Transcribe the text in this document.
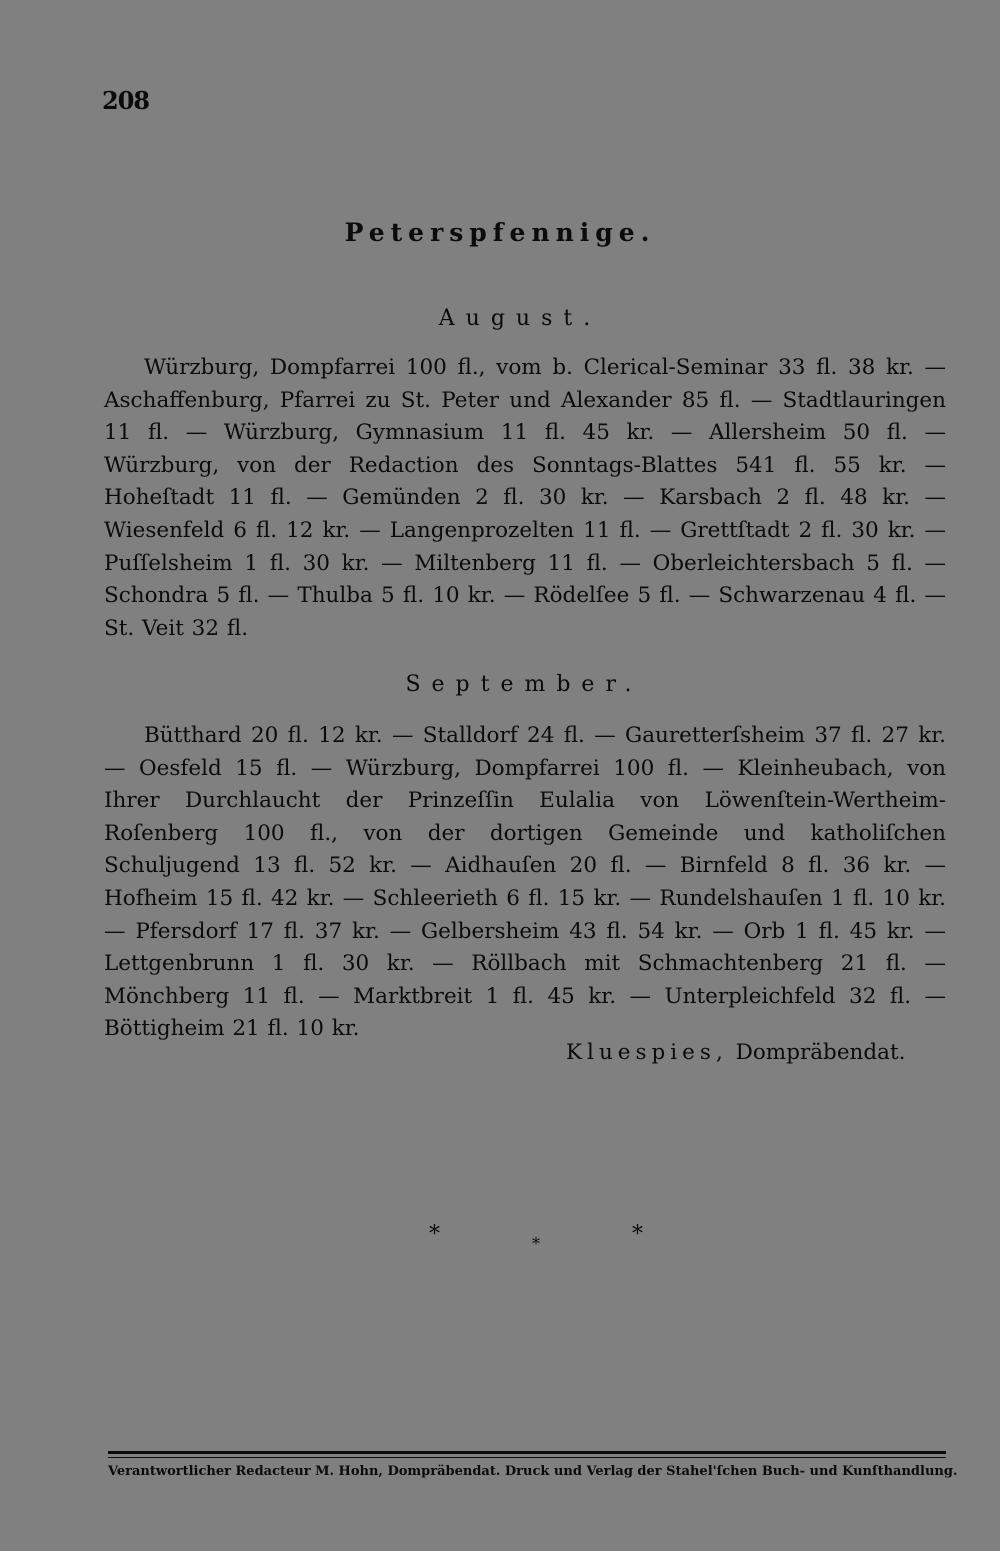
208
Peterspfennige.
August.

Würzburg, Dompfarrei 100 fl., vom b. Clerical-Seminar 33 fl. 38 kr. — Aschaffenburg, Pfarrei zu St. Peter und Alexander 85 fl. — Stadtlauringen 11 fl. — Würzburg, Gymnasium 11 fl. 45 kr. — Allersheim 50 fl. — Würzburg, von der Redaction des Sonntags-Blattes 541 fl. 55 kr. — Hoheſtadt 11 fl. — Gemünden 2 fl. 30 kr. — Karsbach 2 fl. 48 kr. — Wiesenfeld 6 fl. 12 kr. — Langenprozelten 11 fl. — Grettſtadt 2 fl. 30 kr. — Puſſelsheim 1 fl. 30 kr. — Miltenberg 11 fl. — Oberleichtersbach 5 fl. — Schondra 5 fl. — Thulba 5 fl. 10 kr. — Rödelſee 5 fl. — Schwarzenau 4 fl. — St. Veit 32 fl.

September.

Bütthard 20 fl. 12 kr. — Stalldorf 24 fl. — Gauretterſsheim 37 fl. 27 kr. — Oesfeld 15 fl. — Würzburg, Dompfarrei 100 fl. — Kleinheubach, von Ihrer Durchlaucht der Prinzeſſin Eulalia von Löwenſtein-Wertheim-Roſenberg 100 fl., von der dortigen Gemeinde und katholiſchen Schuljugend 13 fl. 52 kr. — Aidhauſen 20 fl. — Birnfeld 8 fl. 36 kr. — Hofheim 15 fl. 42 kr. — Schleerieth 6 fl. 15 kr. — Rundelshauſen 1 fl. 10 kr. — Pfersdorf 17 fl. 37 kr. — Gelbersheim 43 fl. 54 kr. — Orb 1 fl. 45 kr. — Lettgenbrunn 1 fl. 30 kr. — Röllbach mit Schmachtenberg 21 fl. — Mönchberg 11 fl. — Marktbreit 1 fl. 45 kr. — Unterpleichfeld 32 fl. — Böttigheim 21 fl. 10 kr.

Kluespies, Dompräbendat.
*	*	*
Verantwortlicher Redacteur M. Hohn, Dompräbendat. Druck und Verlag der Stahel'ſchen Buch- und Kunſthandlung.
